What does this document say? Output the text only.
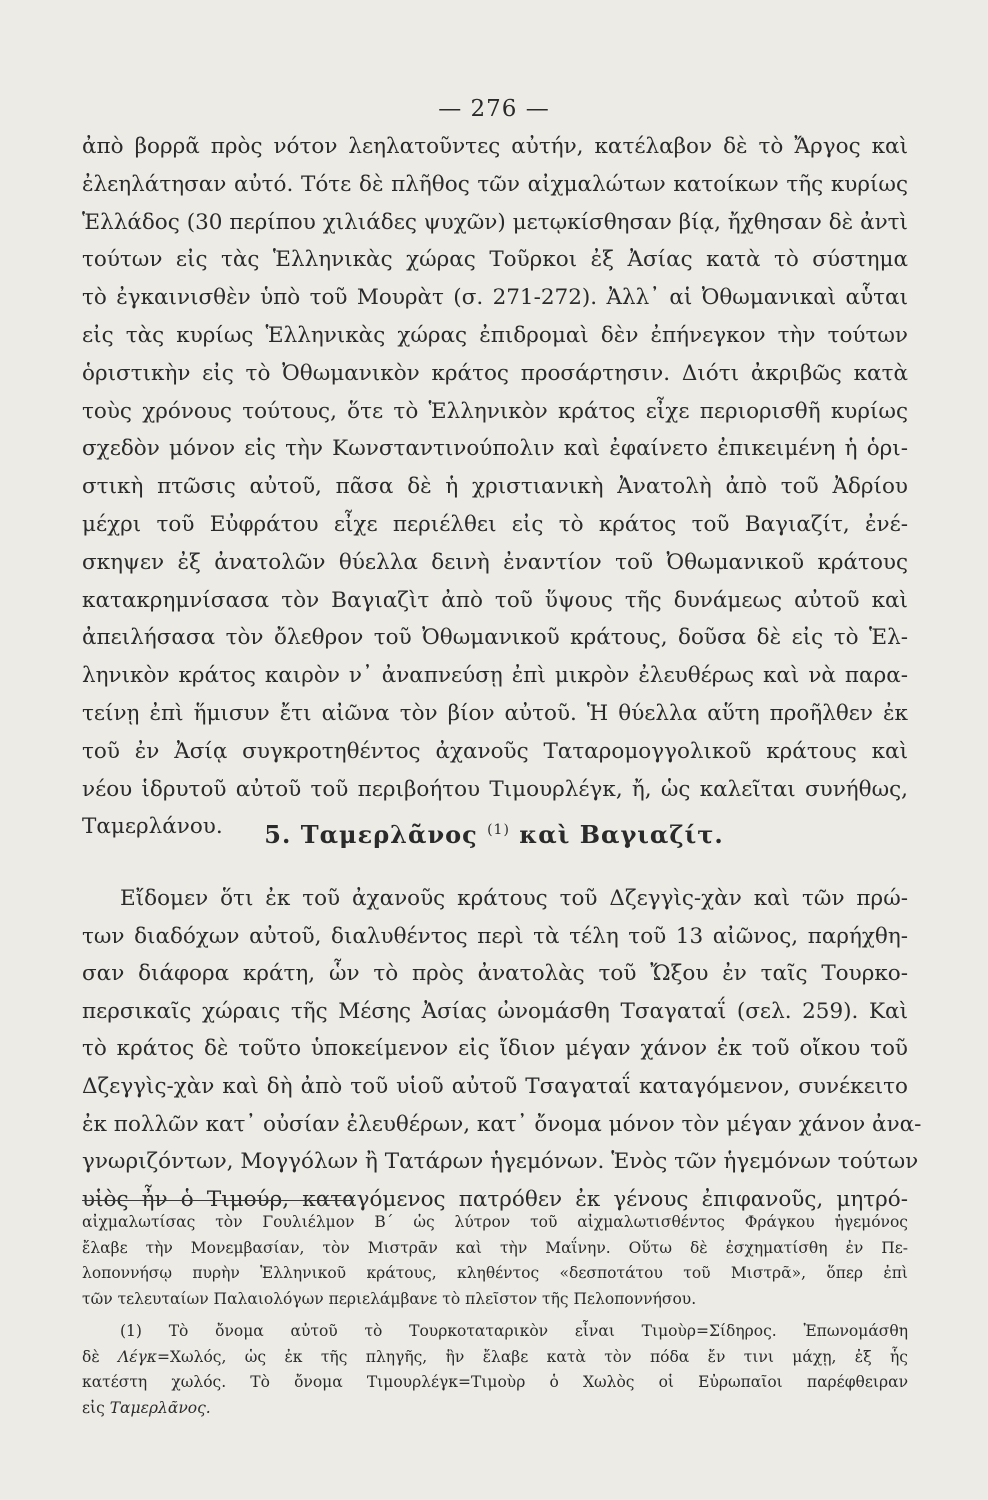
— 276 —
ἀπὸ βορρᾶ πρὸς νότον λεηλατοῦντες αὐτήν, κατέλαβον δὲ τὸ Ἄργος καὶ
ἐλεηλάτησαν αὐτό. Τότε δὲ πλῆθος τῶν αἰχμαλώτων κατοίκων τῆς κυρίως
Ἑλλάδος (30 περίπου χιλιάδες ψυχῶν) μετῳκίσθησαν βίᾳ, ἤχθησαν δὲ ἀντὶ
τούτων εἰς τὰς Ἑλληνικὰς χώρας Τοῦρκοι ἐξ Ἀσίας κατὰ τὸ σύστημα
τὸ ἐγκαινισθὲν ὑπὸ τοῦ Μουρὰτ (σ. 271-272). Ἀλλ᾽ αἱ Ὀθωμανικαὶ αὗται
εἰς τὰς κυρίως Ἑλληνικὰς χώρας ἐπιδρομαὶ δὲν ἐπήνεγκον τὴν τούτων
ὁριστικὴν εἰς τὸ Ὀθωμανικὸν κράτος προσάρτησιν. Διότι ἀκριβῶς κατὰ
τοὺς χρόνους τούτους, ὅτε τὸ Ἑλληνικὸν κράτος εἶχε περιορισθῆ κυρίως
σχεδὸν μόνον εἰς τὴν Κωνσταντινούπολιν καὶ ἐφαίνετο ἐπικειμένη ἡ ὁρι-
στικὴ πτῶσις αὐτοῦ, πᾶσα δὲ ἡ χριστιανικὴ Ἀνατολὴ ἀπὸ τοῦ Ἀδρίου
μέχρι τοῦ Εὐφράτου εἶχε περιέλθει εἰς τὸ κράτος τοῦ Βαγιαζίτ, ἐνέ-
σκηψεν ἐξ ἀνατολῶν θύελλα δεινὴ ἐναντίον τοῦ Ὀθωμανικοῦ κράτους
κατακρημνίσασα τὸν Βαγιαζὶτ ἀπὸ τοῦ ὕψους τῆς δυνάμεως αὐτοῦ καὶ
ἀπειλήσασα τὸν ὄλεθρον τοῦ Ὀθωμανικοῦ κράτους, δοῦσα δὲ εἰς τὸ Ἑλ-
ληνικὸν κράτος καιρὸν ν᾽ ἀναπνεύσῃ ἐπὶ μικρὸν ἐλευθέρως καὶ νὰ παρα-
τείνῃ ἐπὶ ἥμισυν ἔτι αἰῶνα τὸν βίον αὐτοῦ. Ἡ θύελλα αὕτη προῆλθεν ἐκ
τοῦ ἐν Ἀσίᾳ συγκροτηθέντος ἀχανοῦς Ταταρομογγολικοῦ κράτους καὶ
νέου ἱδρυτοῦ αὐτοῦ τοῦ περιβοήτου Τιμουρλέγκ, ἤ, ὡς καλεῖται συνήθως,
Ταμερλάνου.	5. Ταμερλᾶνος $^{(1)}$ καὶ Βαγιαζίτ.
Εἴδομεν ὅτι ἐκ τοῦ ἀχανοῦς κράτους τοῦ Δζεγγὶς-χὰν καὶ τῶν πρώ-
των διαδόχων αὐτοῦ, διαλυθέντος περὶ τὰ τέλη τοῦ 13 αἰῶνος, παρήχθη-
σαν διάφορα κράτη, ὧν τὸ πρὸς ἀνατολὰς τοῦ Ὤξου ἐν ταῖς Τουρκο-
περσικαῖς χώραις τῆς Μέσης Ἀσίας ὠνομάσθη Τσαγαταΐ (σελ. 259). Καὶ
τὸ κράτος δὲ τοῦτο ὑποκείμενον εἰς ἴδιον μέγαν χάνον ἐκ τοῦ οἴκου τοῦ
Δζεγγὶς-χὰν καὶ δὴ ἀπὸ τοῦ υἱοῦ αὐτοῦ Τσαγαταΐ καταγόμενον, συνέκειτο
ἐκ πολλῶν κατ᾽ οὐσίαν ἐλευθέρων, κατ᾽ ὄνομα μόνον τὸν μέγαν χάνον ἀνα-
γνωριζόντων, Μογγόλων ἢ Τατάρων ἡγεμόνων. Ἑνὸς τῶν ἡγεμόνων τούτων
υἱὸς ἦν ὁ Τιμούρ, καταγόμενος πατρόθεν ἐκ γένους ἐπιφανοῦς, μητρό-
αἰχμαλωτίσας τὸν Γουλιέλμον Β΄ ὡς λύτρον τοῦ αἰχμαλωτισθέντος Φράγκου ἡγεμόνος
ἔλαβε τὴν Μονεμβασίαν, τὸν Μιστρᾶν καὶ τὴν Μαΐνην. Οὕτω δὲ ἐσχηματίσθη ἐν Πε-
λοποννήσῳ πυρὴν Ἑλληνικοῦ κράτους, κληθέντος «δεσποτάτου τοῦ Μιστρᾶ», ὅπερ ἐπὶ
τῶν τελευταίων Παλαιολόγων περιελάμβανε τὸ πλεῖστον τῆς Πελοποννήσου.
(1) Τὸ ὄνομα αὐτοῦ τὸ Τουρκοταταρικὸν εἶναι Τιμοὺρ=Σίδηρος. Ἐπωνομάσθη
δὲ Λέγκ=Χωλός, ὡς ἐκ τῆς πληγῆς, ἣν ἔλαβε κατὰ τὸν πόδα ἔν τινι μάχῃ, ἐξ ἧς
κατέστη χωλός. Τὸ ὄνομα Τιμουρλέγκ=Τιμοὺρ ὁ Χωλὸς οἱ Εὐρωπαῖοι παρέφθειραν
εἰς Ταμερλᾶνος.
